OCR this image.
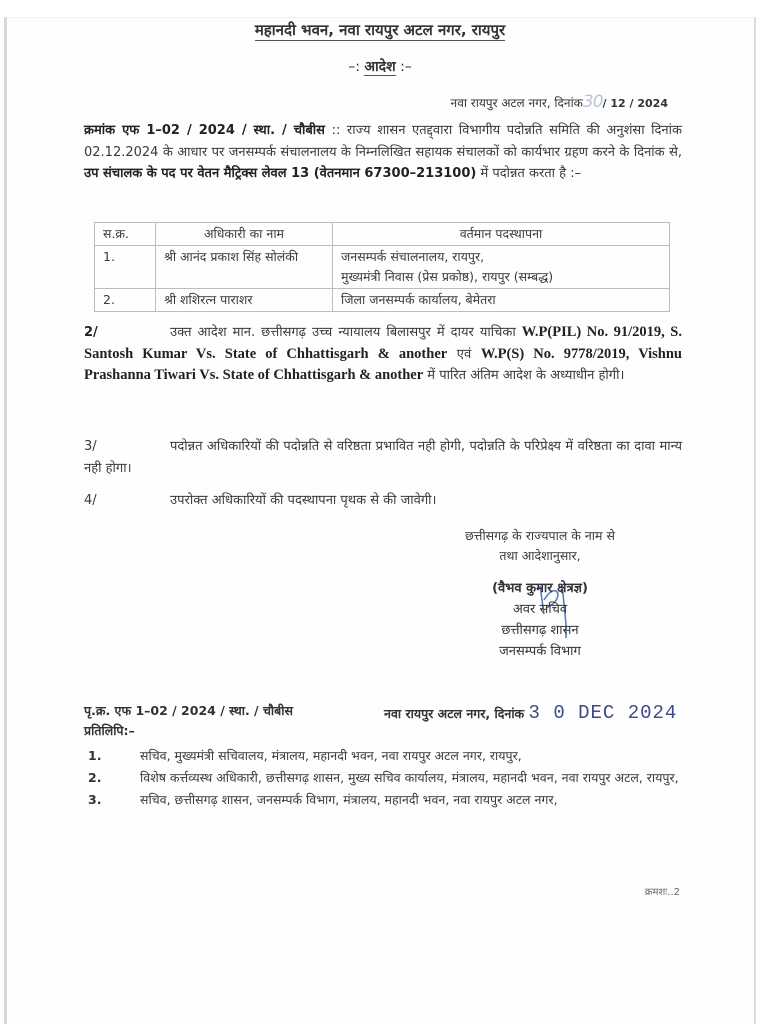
महानदी भवन, नवा रायपुर अटल नगर, रायपुर
–: आदेश :–
नवा रायपुर अटल नगर, दिनांक30/ 12 / 2024
क्रमांक एफ 1–02 / 2024 / स्था. / चौबीस :: राज्य शासन एतद्द्वारा विभागीय पदोन्नति समिति की अनुशंसा दिनांक 02.12.2024 के आधार पर जनसम्पर्क संचालनालय के निम्नलिखित सहायक संचालकों को कार्यभार ग्रहण करने के दिनांक से, उप संचालक के पद पर वेतन मैट्रिक्स लेवल 13 (वेतनमान 67300–213100) में पदोन्नत करता है :–
स.क्र.	अधिकारी का नाम	वर्तमान पदस्थापना
1.	श्री आनंद प्रकाश सिंह सोलंकी	जनसम्पर्क संचालनालय, रायपुर,
मुख्यमंत्री निवास (प्रेस प्रकोष्ठ), रायपुर (सम्बद्ध)

2.	श्री शशिरत्न पाराशर	जिला जनसम्पर्क कार्यालय, बेमेतरा
2/	उक्त आदेश मान. छत्तीसगढ़ उच्च न्यायालय बिलासपुर में दायर याचिका W.P(PIL) No. 91/2019, S. Santosh Kumar Vs. State of Chhattisgarh & another एवं W.P(S) No. 9778/2019, Vishnu Prashanna Tiwari Vs. State of Chhattisgarh & another में पारित अंतिम आदेश के अध्याधीन होगी।
3/	पदोन्नत अधिकारियों की पदोन्नति से वरिष्ठता प्रभावित नही होगी, पदोन्नति के परिप्रेक्ष्य में वरिष्ठता का दावा मान्य नही होगा।
4/	उपरोक्त अधिकारियों की पदस्थापना पृथक से की जावेगी।
छत्तीसगढ़ के राज्यपाल के नाम से
तथा आदेशानुसार,
(वैभव कुमार क्षेत्रज्ञ)
अवर सचिव
छत्तीसगढ़ शासन
जनसम्पर्क विभाग
पृ.क्र. एफ 1–02 / 2024 / स्था. / चौबीस	नवा रायपुर अटल नगर, दिनांक 3 0 DEC 2024
प्रतिलिपि:–
1.	सचिव, मुख्यमंत्री सचिवालय, मंत्रालय, महानदी भवन, नवा रायपुर अटल नगर, रायपुर,
2.	विशेष कर्त्तव्यस्थ अधिकारी, छत्तीसगढ़ शासन, मुख्य सचिव कार्यालय, मंत्रालय, महानदी भवन, नवा रायपुर अटल, रायपुर,
3.	सचिव, छत्तीसगढ़ शासन, जनसम्पर्क विभाग, मंत्रालय, महानदी भवन, नवा रायपुर अटल नगर,
क्रमशः..2
